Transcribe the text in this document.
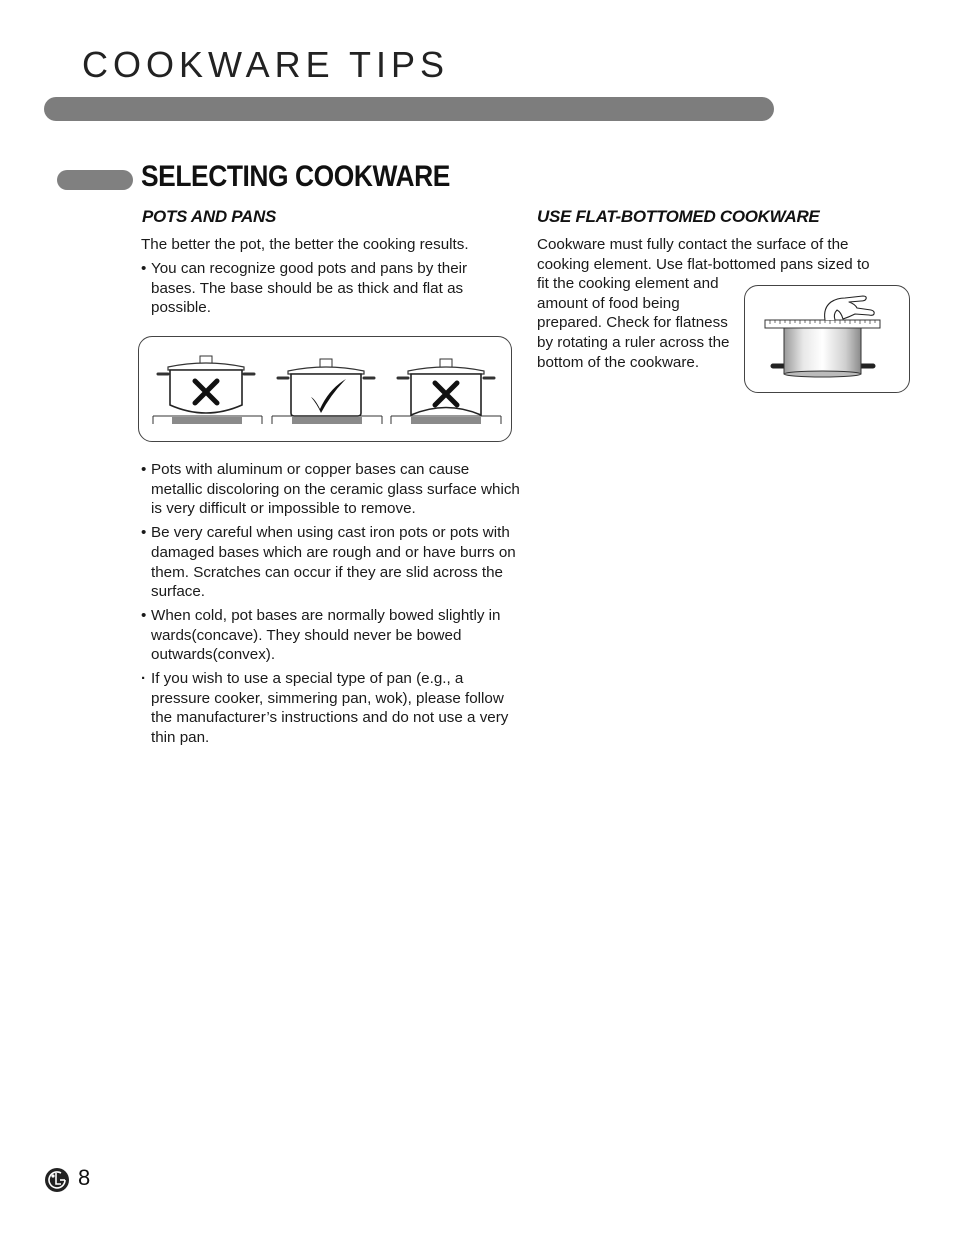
COOKWARE TIPS
SELECTING COOKWARE
POTS AND PANS
The better the pot, the better the cooking results.
• You can recognize good pots and pans by their bases. The base should be as thick and flat as possible.
• Pots with aluminum or copper bases can cause metallic discoloring on the ceramic glass surface which is very difficult or impossible to remove.
• Be very careful when using cast iron pots or pots with damaged bases which are rough and or have burrs on them. Scratches can occur if they are slid across the surface.
• When cold, pot bases are normally bowed slightly in wards(concave). They should never be bowed outwards(convex).
· If you wish to use a special type of pan (e.g., a pressure cooker, simmering pan, wok), please follow the manufacturer’s instructions and do not use a very thin pan.
USE FLAT-BOTTOMED COOKWARE
Cookware must fully contact the surface of the
cooking element. Use flat-bottomed pans sized to
fit the cooking element and amount of food being prepared. Check for flatness by rotating a ruler across the bottom of the cookware.
8
